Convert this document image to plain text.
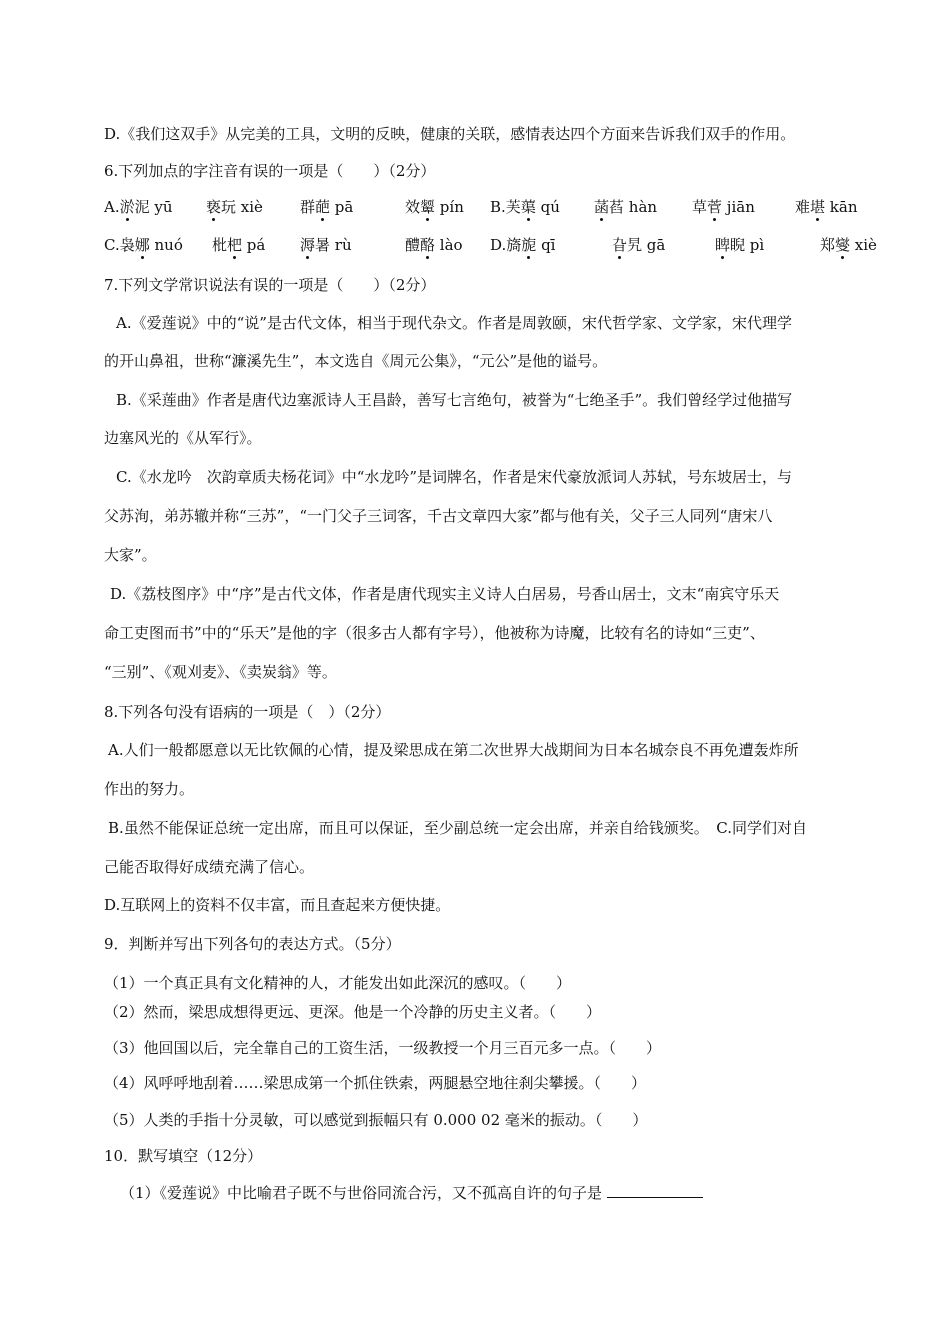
D.《我们这双手》从完美的工具，文明的反映，健康的关联，感情表达四个方面来告诉我们双手的作用。
6.下列加点的字注音有误的一项是（　　）（2分）
A.淤泥 yū 亵玩 xiè 群葩 pā	效颦 pín B.芙蕖 qú 菡萏 hàn 草菅 jiān	难堪 kān
C.袅娜 nuó 枇杷 pá 溽暑 rù	醴酪 lào D.旖旎 qī	旮旯 gā	睥睨 pì	郑燮 xiè
7.下列文学常识说法有误的一项是（　　）（2分）
A.《爱莲说》中的“说”是古代文体，相当于现代杂文。作者是周敦颐，宋代哲学家、文学家，宋代理学
的开山鼻祖，世称“濂溪先生”，本文选自《周元公集》，“元公”是他的谥号。
B.《采莲曲》作者是唐代边塞派诗人王昌龄，善写七言绝句，被誉为“七绝圣手”。我们曾经学过他描写
边塞风光的《从军行》。
C.《水龙吟　次韵章质夫杨花词》中“水龙吟”是词牌名，作者是宋代豪放派词人苏轼，号东坡居士，与
父苏洵，弟苏辙并称“三苏”，“一门父子三词客，千古文章四大家”都与他有关，父子三人同列“唐宋八
大家”。
D.《荔枝图序》中“序”是古代文体，作者是唐代现实主义诗人白居易，号香山居士，文末“南宾守乐天
命工吏图而书”中的“乐天”是他的字（很多古人都有字号），他被称为诗魔，比较有名的诗如“三吏”、
“三别”、《观刈麦》、《卖炭翁》等。
8.下列各句没有语病的一项是（　）（2分）
A.人们一般都愿意以无比钦佩的心情，提及梁思成在第二次世界大战期间为日本名城奈良不再免遭轰炸所
作出的努力。
B.虽然不能保证总统一定出席，而且可以保证，至少副总统一定会出席，并亲自给钱颁奖。　C.同学们对自
己能否取得好成绩充满了信心。
D.互联网上的资料不仅丰富，而且查起来方便快捷。
9．判断并写出下列各句的表达方式。（5分）
（1）一个真正具有文化精神的人，才能发出如此深沉的感叹。（　　）
（2）然而，梁思成想得更远、更深。他是一个冷静的历史主义者。（　　）
（3）他回国以后，完全靠自己的工资生活，一级教授一个月三百元多一点。（　　）
（4）风呼呼地刮着……梁思成第一个抓住铁索，两腿悬空地往刹尖攀援。（　　）
（5）人类的手指十分灵敏，可以感觉到振幅只有 0.000 02 毫米的振动。（　　）
10．默写填空（12分）
（1）《爱莲说》中比喻君子既不与世俗同流合污，又不孤高自许的句子是
